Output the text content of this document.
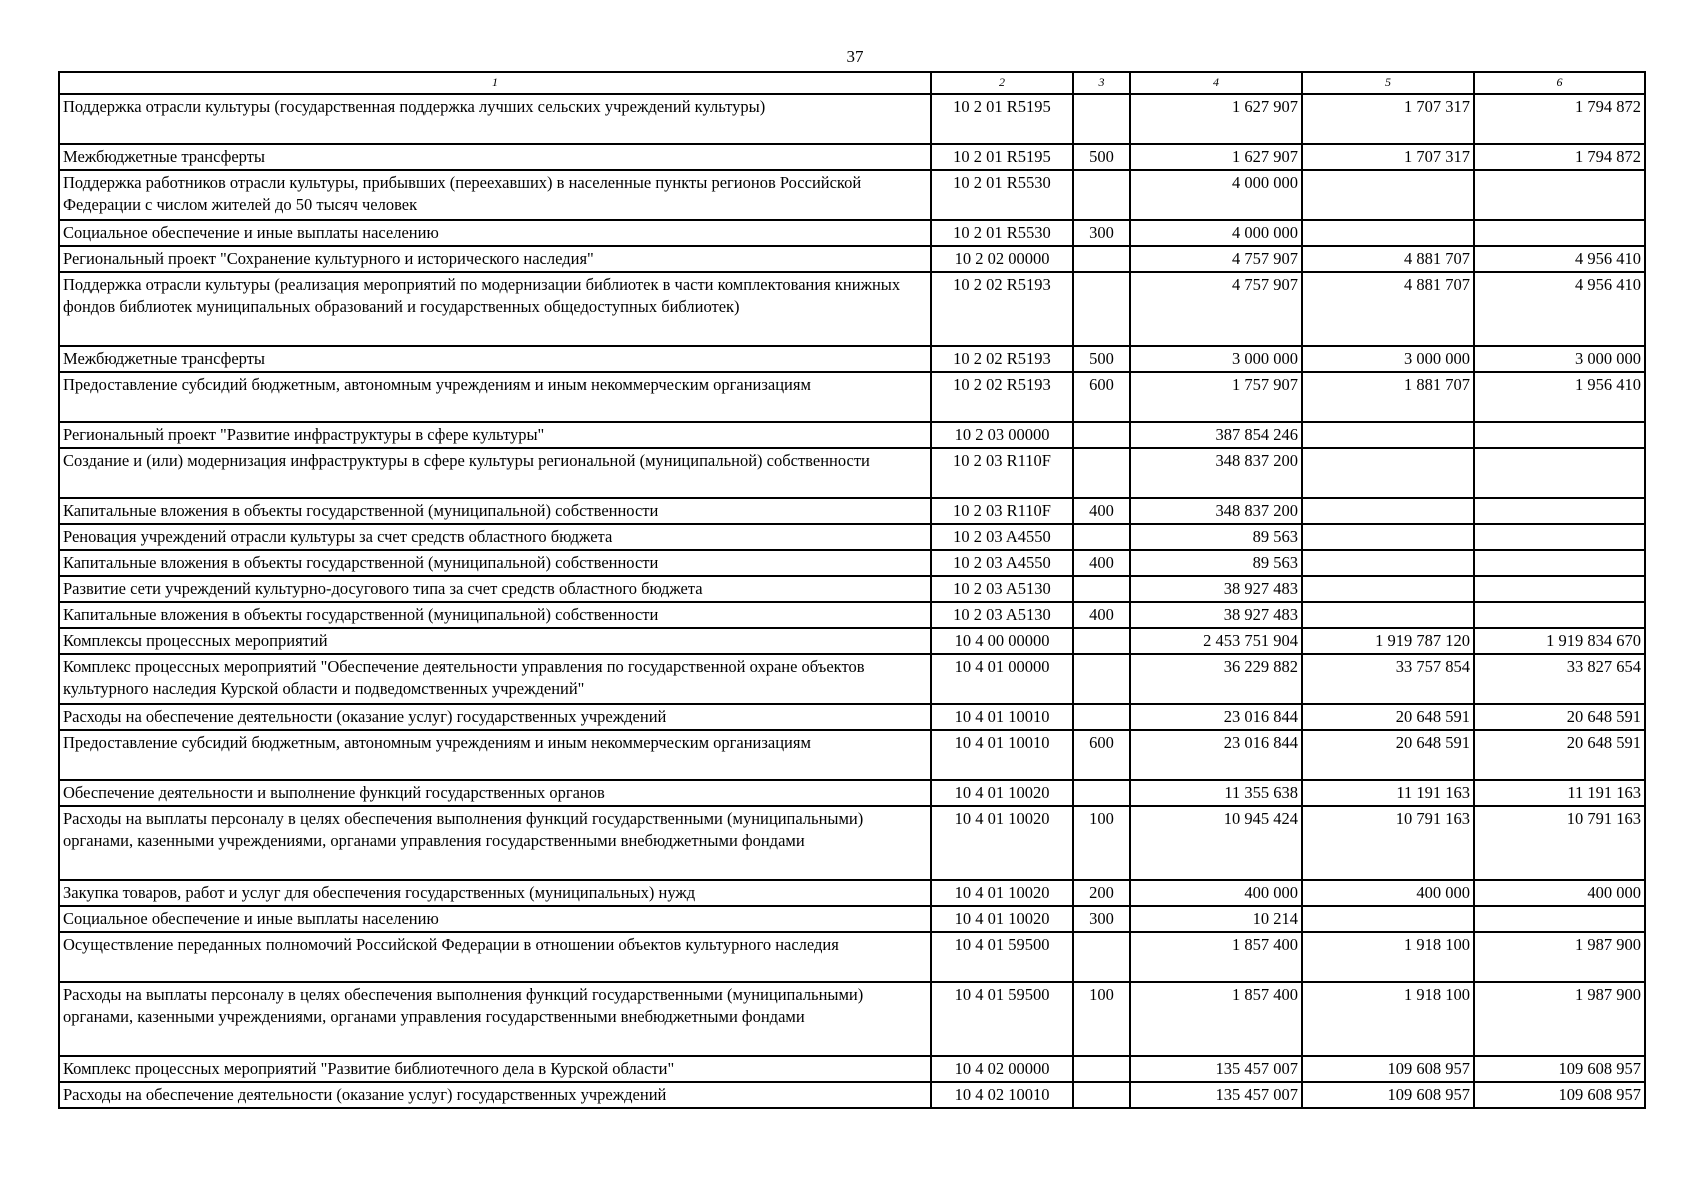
37
1	2	3	4	5	6
Поддержка отрасли культуры (государственная поддержка лучших сельских учреждений культуры)	10 2 01 R5195		1 627 907	1 707 317	1 794 872
Межбюджетные трансферты	10 2 01 R5195	500	1 627 907	1 707 317	1 794 872
Поддержка работников отрасли культуры, прибывших (переехавших) в населенные пункты регионов Российской Федерации с числом жителей до 50 тысяч человек	10 2 01 R5530		4 000 000		
Социальное обеспечение и иные выплаты населению	10 2 01 R5530	300	4 000 000		
Региональный проект "Сохранение культурного и исторического наследия"	10 2 02 00000		4 757 907	4 881 707	4 956 410
Поддержка отрасли культуры (реализация мероприятий по модернизации библиотек в части комплектования книжных фондов библиотек муниципальных образований и государственных общедоступных библиотек)	10 2 02 R5193		4 757 907	4 881 707	4 956 410
Межбюджетные трансферты	10 2 02 R5193	500	3 000 000	3 000 000	3 000 000
Предоставление субсидий бюджетным, автономным учреждениям и иным некоммерческим организациям	10 2 02 R5193	600	1 757 907	1 881 707	1 956 410
Региональный проект "Развитие инфраструктуры в сфере культуры"	10 2 03 00000		387 854 246		
Создание и (или) модернизация инфраструктуры в сфере культуры региональной (муниципальной) собственности	10 2 03 R110F		348 837 200		
Капитальные вложения в объекты государственной (муниципальной) собственности	10 2 03 R110F	400	348 837 200		
Реновация учреждений отрасли культуры за счет средств областного бюджета	10 2 03 A4550		89 563		
Капитальные вложения в объекты государственной (муниципальной) собственности	10 2 03 A4550	400	89 563		
Развитие сети учреждений культурно-досугового типа за счет средств областного бюджета	10 2 03 A5130		38 927 483		
Капитальные вложения в объекты государственной (муниципальной) собственности	10 2 03 A5130	400	38 927 483		
Комплексы процессных мероприятий	10 4 00 00000		2 453 751 904	1 919 787 120	1 919 834 670
Комплекс процессных мероприятий "Обеспечение деятельности управления по государственной охране объектов культурного наследия Курской области и подведомственных учреждений"	10 4 01 00000		36 229 882	33 757 854	33 827 654
Расходы на обеспечение деятельности (оказание услуг) государственных учреждений	10 4 01 10010		23 016 844	20 648 591	20 648 591
Предоставление субсидий бюджетным, автономным учреждениям и иным некоммерческим организациям	10 4 01 10010	600	23 016 844	20 648 591	20 648 591
Обеспечение деятельности и выполнение функций государственных органов	10 4 01 10020		11 355 638	11 191 163	11 191 163
Расходы на выплаты персоналу в целях обеспечения выполнения функций государственными (муниципальными) органами, казенными учреждениями, органами управления государственными внебюджетными фондами	10 4 01 10020	100	10 945 424	10 791 163	10 791 163
Закупка товаров, работ и услуг для обеспечения государственных (муниципальных) нужд	10 4 01 10020	200	400 000	400 000	400 000
Социальное обеспечение и иные выплаты населению	10 4 01 10020	300	10 214		
Осуществление переданных полномочий Российской Федерации в отношении объектов культурного наследия	10 4 01 59500		1 857 400	1 918 100	1 987 900
Расходы на выплаты персоналу в целях обеспечения выполнения функций государственными (муниципальными) органами, казенными учреждениями, органами управления государственными внебюджетными фондами	10 4 01 59500	100	1 857 400	1 918 100	1 987 900
Комплекс процессных мероприятий "Развитие библиотечного дела в Курской области"	10 4 02 00000		135 457 007	109 608 957	109 608 957
Расходы на обеспечение деятельности (оказание услуг) государственных учреждений	10 4 02 10010		135 457 007	109 608 957	109 608 957
